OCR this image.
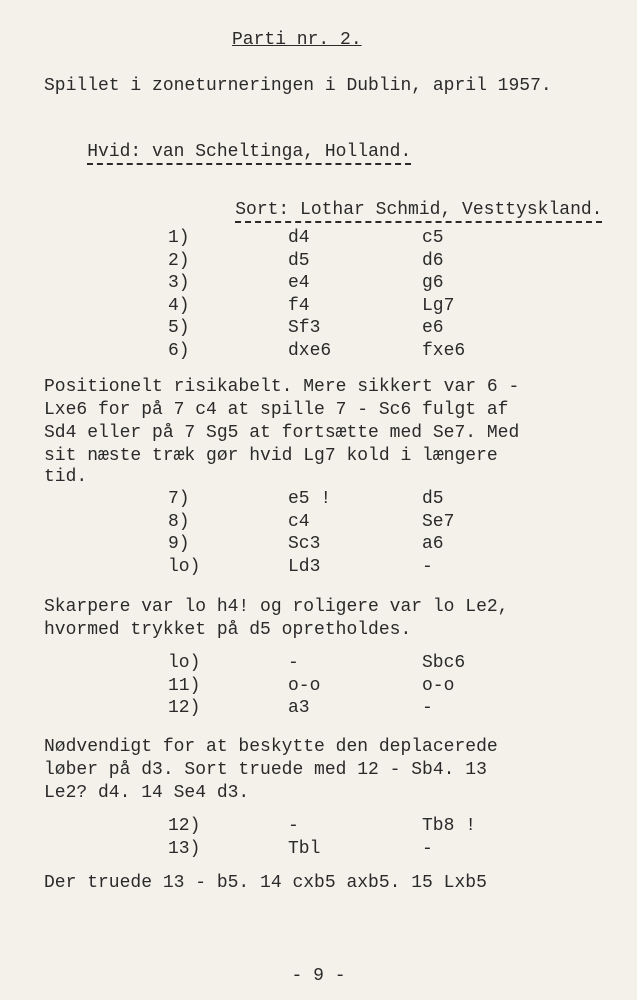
Parti nr. 2.
Spillet i zoneturneringen i Dublin, april 1957.

Hvid: van Scheltinga, Holland.

Sort: Lothar Schmid, Vesttyskland.

1)	d4	c5
2)	d5	d6
3)	e4	g6
4)	f4	Lg7
5)	Sf3	e6
6)	dxe6	fxe6
Positionelt risikabelt. Mere sikkert var 6 -
Lxe6 for på 7 c4 at spille 7 - Sc6 fulgt af
Sd4 eller på 7 Sg5 at fortsætte med Se7. Med
sit næste træk gør hvid Lg7 kold i længere
tid.
7)	e5 !	d5
8)	c4	Se7
9)	Sc3	a6
lo)	Ld3	-
Skarpere var lo h4! og roligere var lo Le2,
hvormed trykket på d5 opretholdes.
lo)	-	Sbc6
11)	o-o	o-o
12)	a3	-
Nødvendigt for at beskytte den deplacerede
løber på d3. Sort truede med 12 - Sb4. 13
Le2? d4. 14 Se4 d3.
12)	-	Tb8 !
13)	Tbl	-
Der truede 13 - b5. 14 cxb5 axb5. 15 Lxb5
- 9 -
